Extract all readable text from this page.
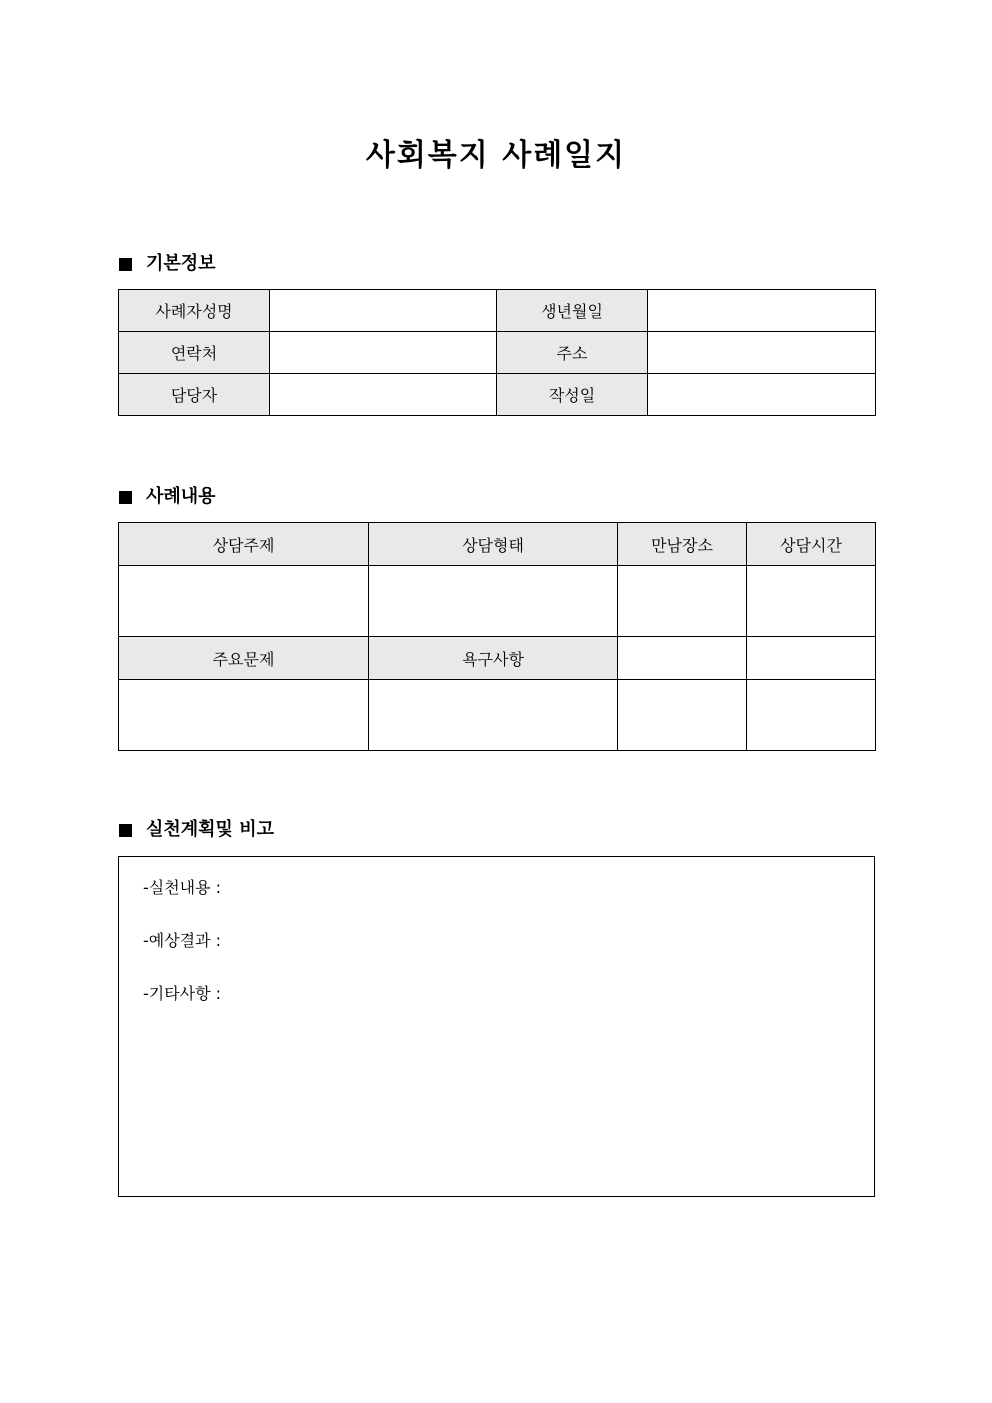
사회복지 사례일지
기본정보
사례자성명		생년월일	
연락처		주소	
담당자		작성일	
사례내용
상담주제	상담형태	만남장소	상담시간

주요문제	욕구사항		

실천계획및 비고
-실천내용 :
-예상결과 :
-기타사항 :
